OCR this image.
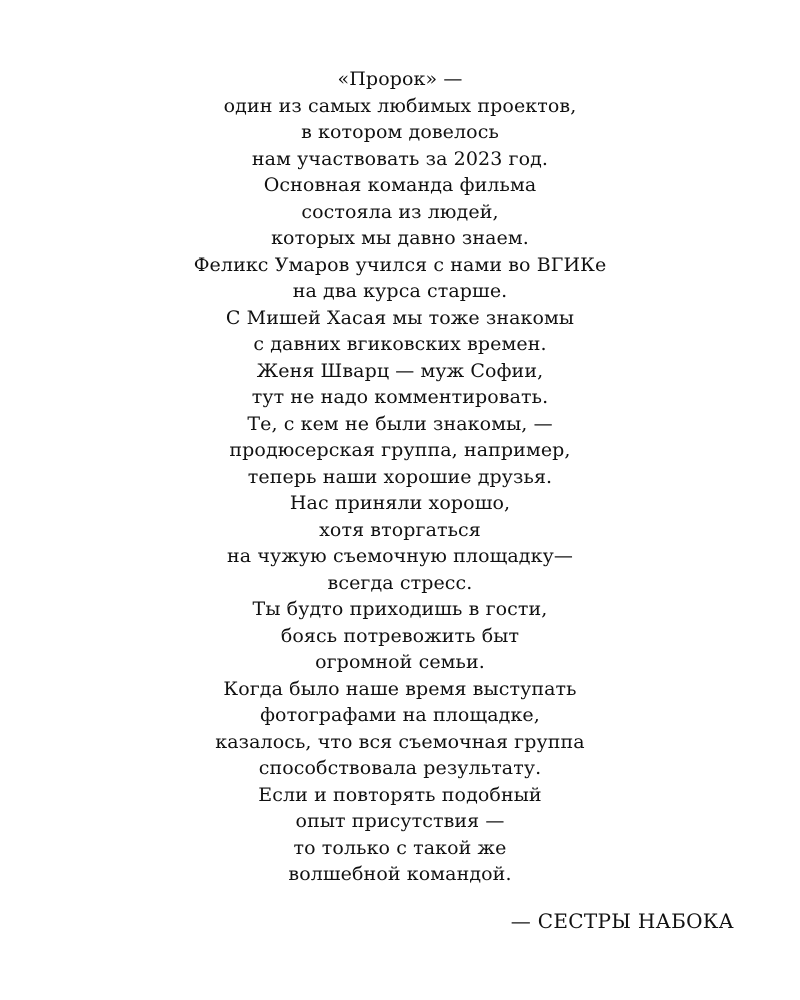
«Пророк» —
один из самых любимых проектов,
в котором довелось
нам участвовать за 2023 год.
Основная команда фильма
состояла из людей,
которых мы давно знаем.
Феликс Умаров учился с нами во ВГИКе
на два курса старше.
С Мишей Хасая мы тоже знакомы
с давних вгиковских времен.
Женя Шварц — муж Софии,
тут не надо комментировать.
Те, с кем не были знакомы, —
продюсерская группа, например,
теперь наши хорошие друзья.
Нас приняли хорошо,
хотя вторгаться
на чужую съемочную площадку—
всегда стресс.
Ты будто приходишь в гости,
боясь потревожить быт
огромной семьи.
Когда было наше время выступать
фотографами на площадке,
казалось, что вся съемочная группа
способствовала результату.
Если и повторять подобный
опыт присутствия —
то только с такой же
волшебной командой.
— СЕСТРЫ НАБОКА
